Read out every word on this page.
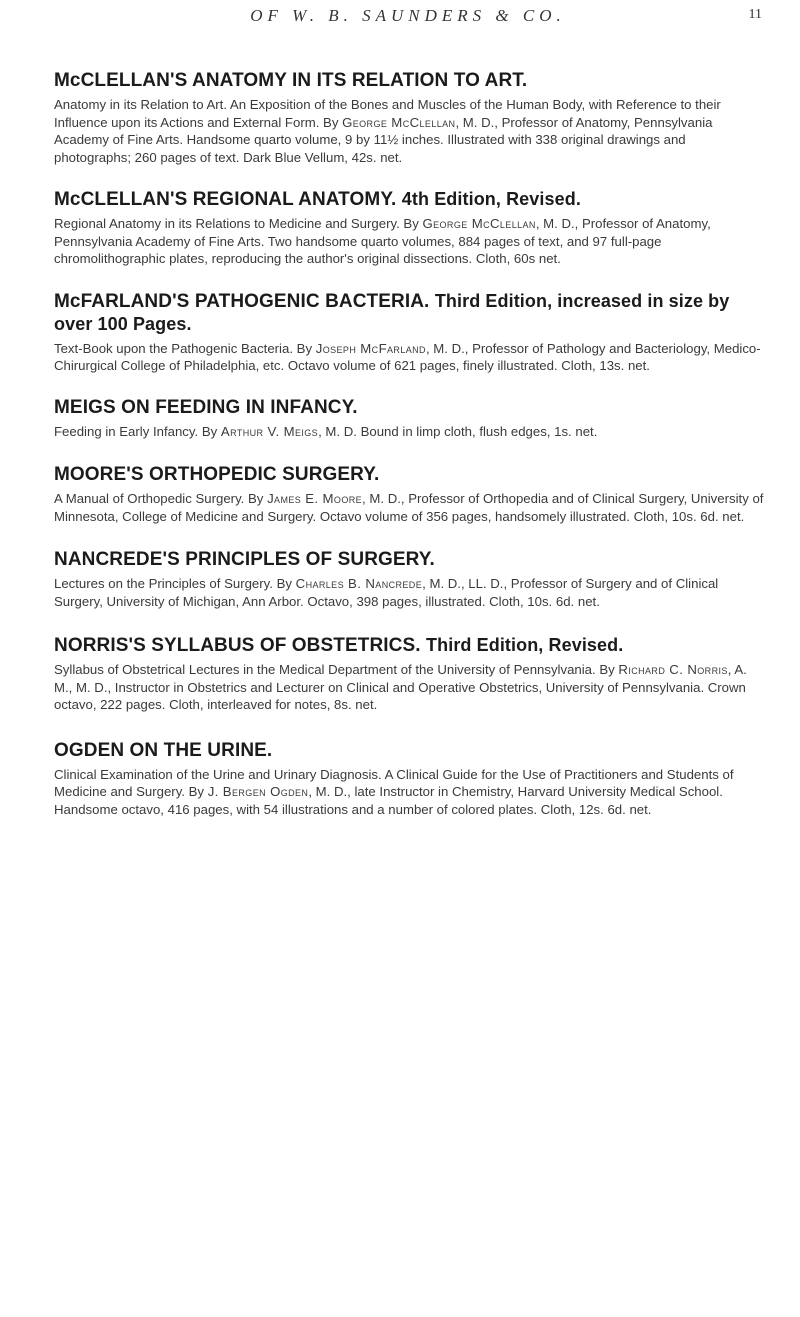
OF W. B. SAUNDERS & CO.	11
McCLELLAN'S ANATOMY IN ITS RELATION TO ART.
Anatomy in its Relation to Art. An Exposition of the Bones and Muscles of the Human Body, with Reference to their Influence upon its Actions and External Form. By George McClellan, M. D., Professor of Anatomy, Pennsylvania Academy of Fine Arts. Handsome quarto volume, 9 by 11½ inches. Illustrated with 338 original drawings and photographs; 260 pages of text. Dark Blue Vellum, 42s. net.
McCLELLAN'S REGIONAL ANATOMY. 4th Edition, Revised.
Regional Anatomy in its Relations to Medicine and Surgery. By George McClellan, M. D., Professor of Anatomy, Pennsylvania Academy of Fine Arts. Two handsome quarto volumes, 884 pages of text, and 97 full-page chromolithographic plates, reproducing the author's original dissections. Cloth, 60s net.
McFARLAND'S PATHOGENIC BACTERIA. Third Edition, increased in size by over 100 Pages.
Text-Book upon the Pathogenic Bacteria. By Joseph McFarland, M. D., Professor of Pathology and Bacteriology, Medico-Chirurgical College of Philadelphia, etc. Octavo volume of 621 pages, finely illustrated. Cloth, 13s. net.
MEIGS ON FEEDING IN INFANCY.
Feeding in Early Infancy. By Arthur V. Meigs, M. D. Bound in limp cloth, flush edges, 1s. net.
MOORE'S ORTHOPEDIC SURGERY.
A Manual of Orthopedic Surgery. By James E. Moore, M. D., Professor of Orthopedia and of Clinical Surgery, University of Minnesota, College of Medicine and Surgery. Octavo volume of 356 pages, handsomely illustrated. Cloth, 10s. 6d. net.
NANCREDE'S PRINCIPLES OF SURGERY.
Lectures on the Principles of Surgery. By Charles B. Nancrede, M. D., LL. D., Professor of Surgery and of Clinical Surgery, University of Michigan, Ann Arbor. Octavo, 398 pages, illustrated. Cloth, 10s. 6d. net.
NORRIS'S SYLLABUS OF OBSTETRICS. Third Edition, Revised.
Syllabus of Obstetrical Lectures in the Medical Department of the University of Pennsylvania. By Richard C. Norris, A. M., M. D., Instructor in Obstetrics and Lecturer on Clinical and Operative Obstetrics, University of Pennsylvania. Crown octavo, 222 pages. Cloth, interleaved for notes, 8s. net.
OGDEN ON THE URINE.
Clinical Examination of the Urine and Urinary Diagnosis. A Clinical Guide for the Use of Practitioners and Students of Medicine and Surgery. By J. Bergen Ogden, M. D., late Instructor in Chemistry, Harvard University Medical School. Handsome octavo, 416 pages, with 54 illustrations and a number of colored plates. Cloth, 12s. 6d. net.
